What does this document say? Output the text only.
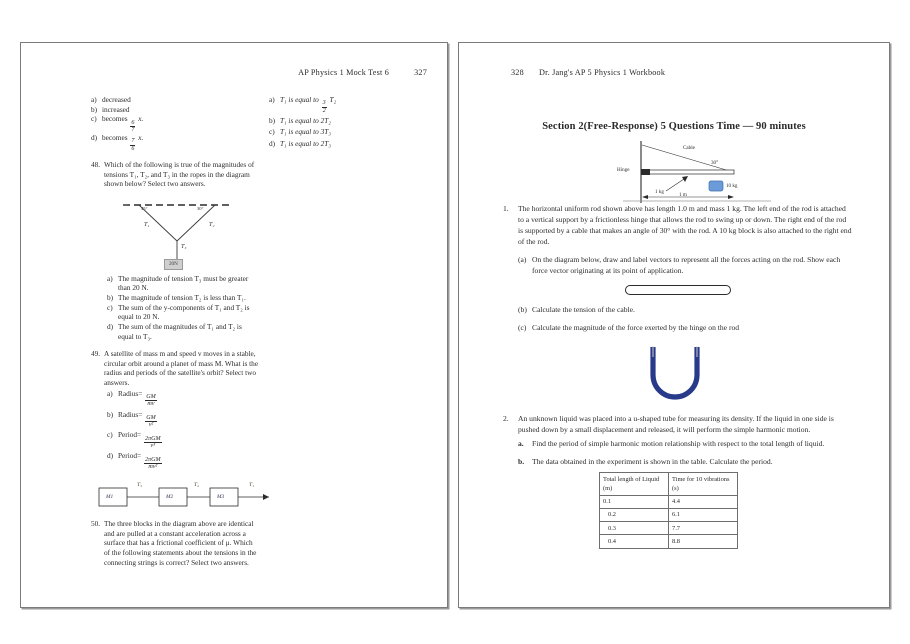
AP Physics 1 Mock Test 6	327
a) decreased
b) increased
c) becomes
$\frac{6}{7}$
x.
d) becomes
$\frac{7}{6}$
x.
48. Which of the following is true of the magnitudes of tensions T₁, T₂, and T₃ in the ropes in the diagram shown below? Select two answers.
45°	30°
T₁	T₂
T₃
20N
a) The magnitude of tension T₃ must be greater than 20 N.
b) The magnitude of tension T₂ is less than T₁.
c) The sum of the y-components of T₁ and T₂ is equal to 20 N.
d) The sum of the magnitudes of T₁ and T₂ is equal to T₃.
49. A satellite of mass m and speed v moves in a stable, circular orbit around a planet of mass M. What is the radius and periods of the satellite's orbit? Select two answers.
a) Radius=
$\frac{GM}{mv}$
b) Radius=
$\frac{GM}{\text{v²}}$
c) Period=
$\frac{\text{2πGM}}{\text{v³}}$
d) Period=
$\frac{\text{2πGM}}{\text{mv²}}$
M1	M2	M3
T₃	T₂	T₁
50. The three blocks in the diagram above are identical and are pulled at a constant acceleration across a surface that has a frictional coefficient of μ. Which of the following statements about the tensions in the connecting strings is correct? Select two answers.
a) T₁ is equal to
$\frac{3}{2}$
T₂
b) T₁ is equal to 2T₂
c) T₁ is equal to 3T₃
d) T₁ is equal to 2T₃
328 Dr. Jang's AP 5 Physics 1 Workbook
Section 2(Free-Response) 5 Questions Time — 90 minutes
Cable
30°
Hinge
1 kg
10 kg
1 m
1.	The horizontal uniform rod shown above has length 1.0 m and mass 1 kg. The left end of the rod is attached to a vertical support by a frictionless hinge that allows the rod to swing up or down. The right end of the rod is supported by a cable that makes an angle of 30° with the rod. A 10 kg block is also attached to the right end of the rod.
(a) On the diagram below, draw and label vectors to represent all the forces acting on the rod. Show each force vector originating at its point of application.
(b) Calculate the tension of the cable.
(c) Calculate the magnitude of the force exerted by the hinge on the rod
2.	An unknown liquid was placed into a u-shaped tube for measuring its density. If the liquid in one side is pushed down by a small displacement and released, it will perform the simple harmonic motion.
a.	Find the period of simple harmonic motion relationship with respect to the total length of liquid.
b.	The data obtained in the experiment is shown in the table. Calculate the period.
Total length of Liquid (m)	Time for 10 vibrations (s)
0.1	4.4
0.2	6.1
0.3	7.7
0.4	8.8
